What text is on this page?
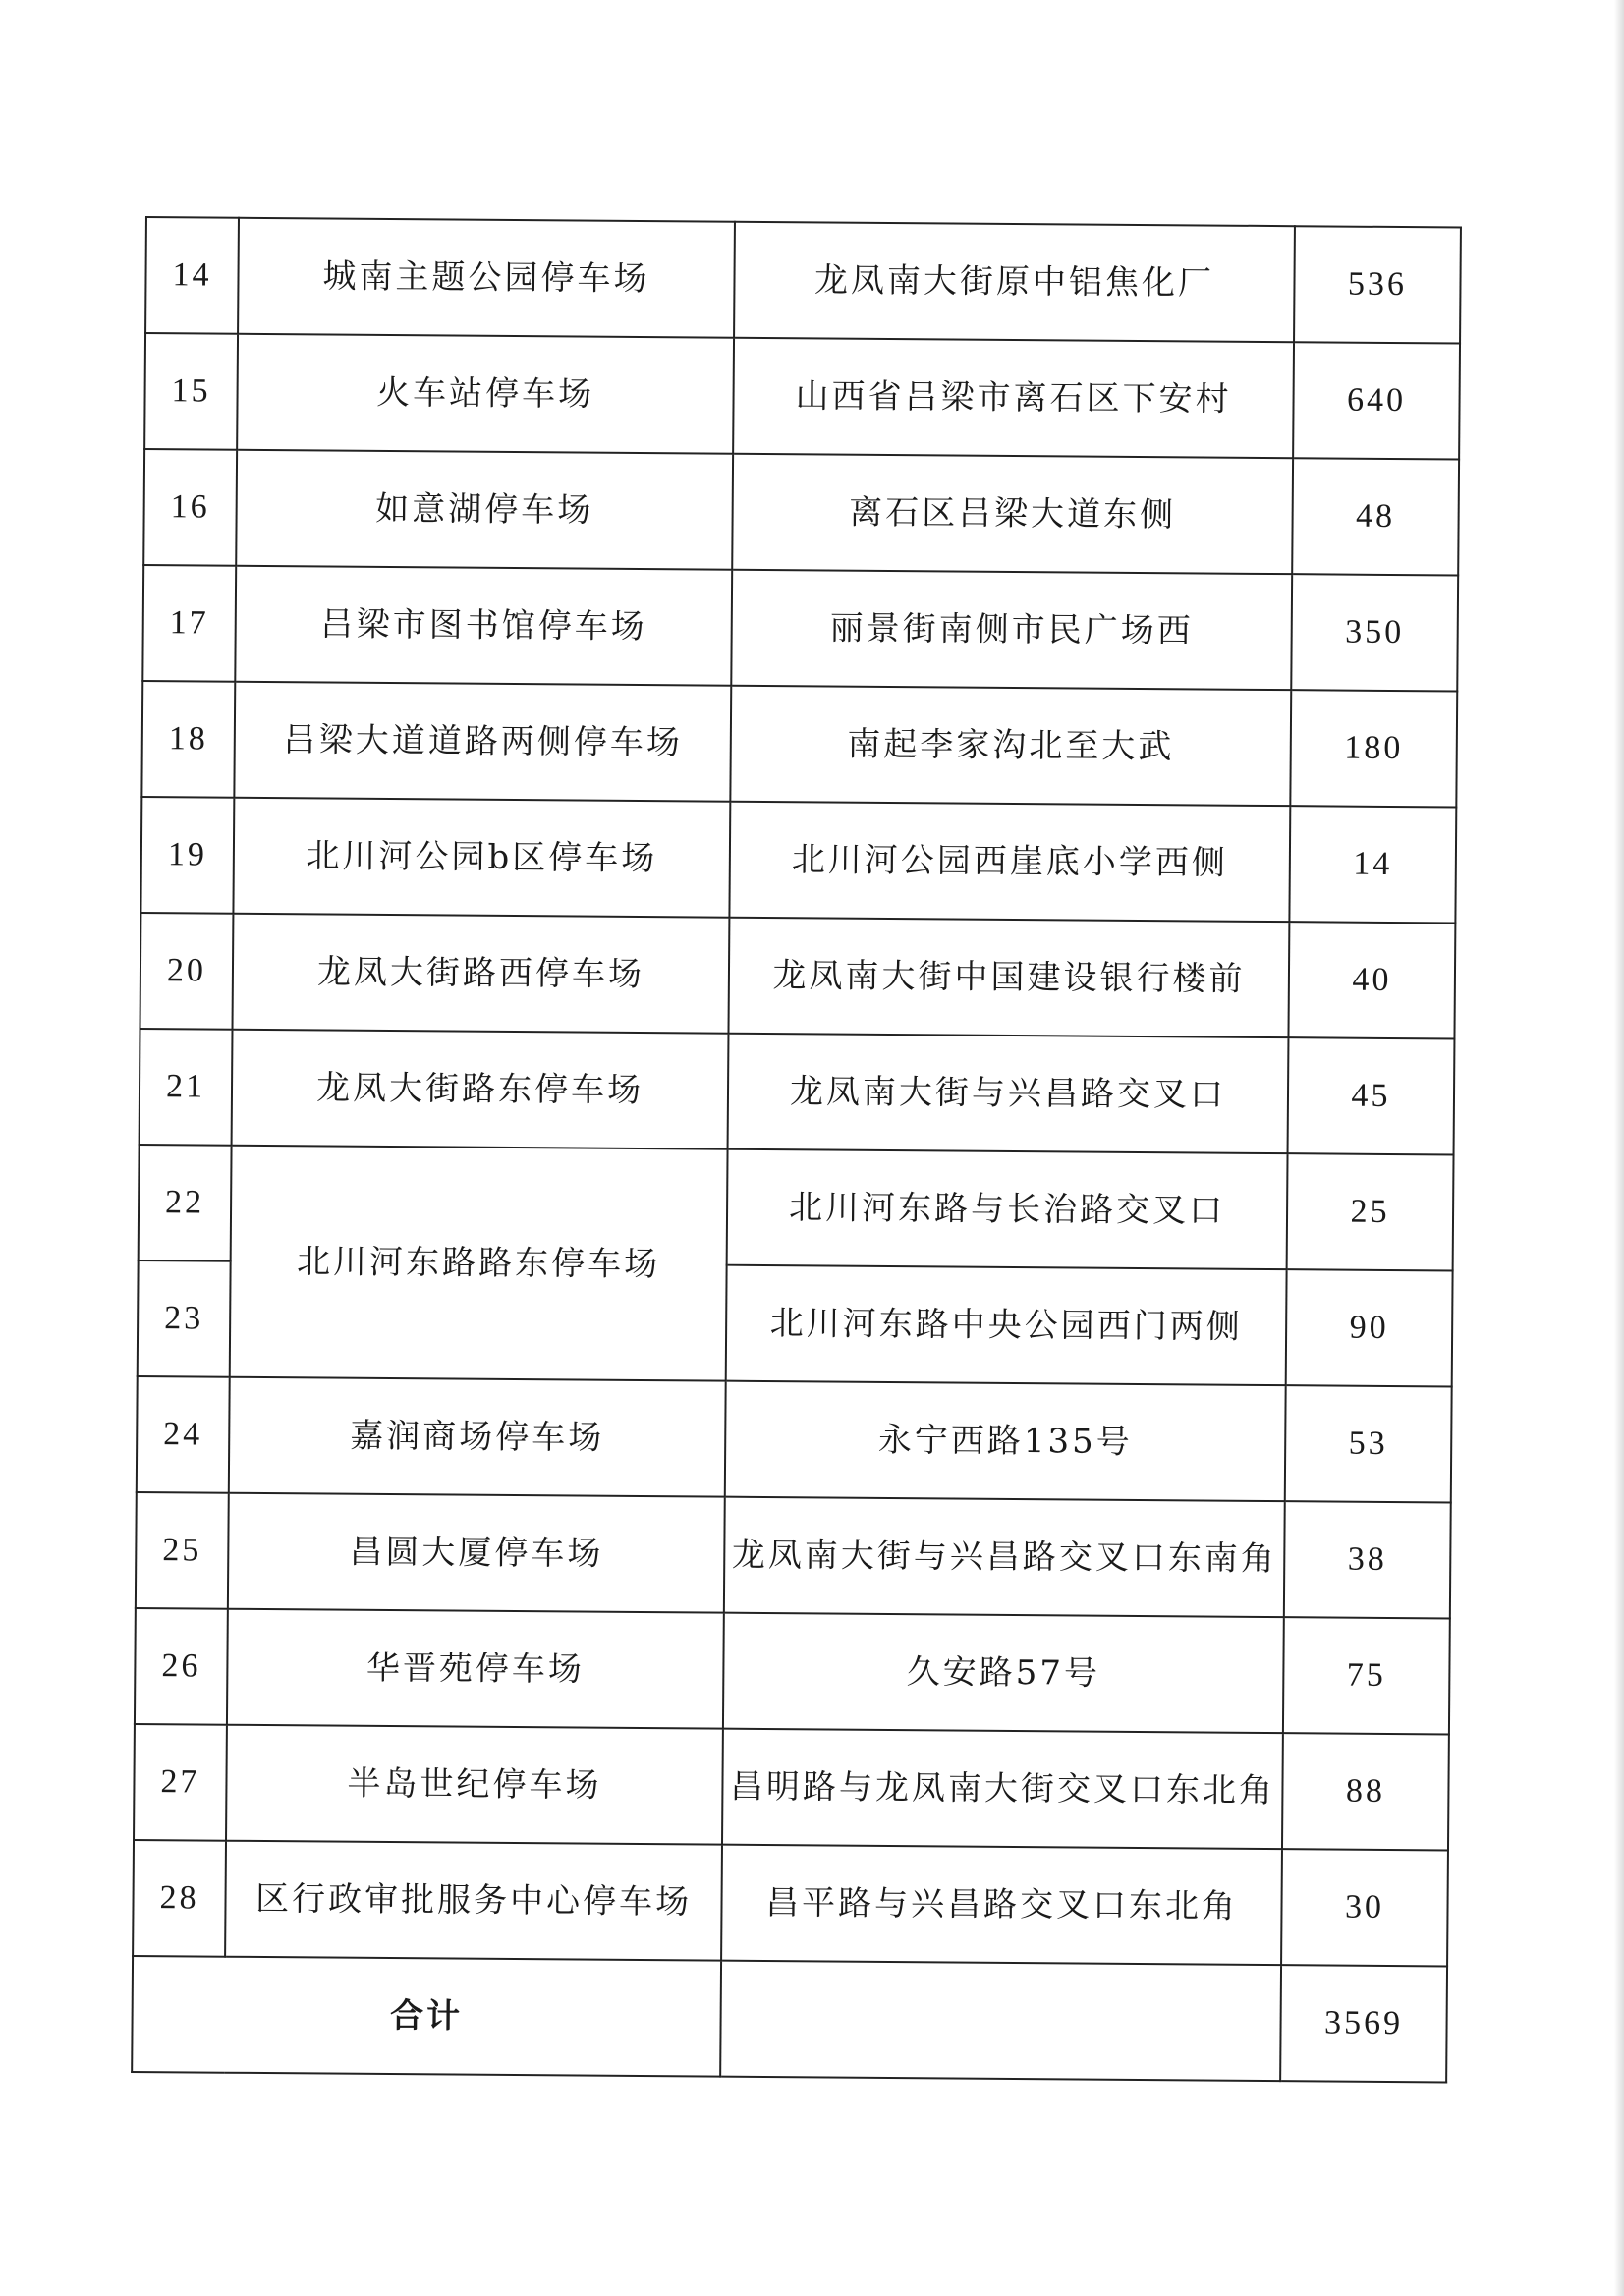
14	城南主题公园停车场	龙凤南大街原中铝焦化厂	536
15	火车站停车场	山西省吕梁市离石区下安村	640
16	如意湖停车场	离石区吕梁大道东侧	48
17	吕梁市图书馆停车场	丽景街南侧市民广场西	350
18	吕梁大道道路两侧停车场	南起李家沟北至大武	180
19	北川河公园b区停车场	北川河公园西崖底小学西侧	14
20	龙凤大街路西停车场	龙凤南大街中国建设银行楼前	40
21	龙凤大街路东停车场	龙凤南大街与兴昌路交叉口	45
22	北川河东路路东停车场	北川河东路与长治路交叉口	25
23		北川河东路中央公园西门两侧	90
24	嘉润商场停车场	永宁西路135号	53
25	昌圆大厦停车场	龙凤南大街与兴昌路交叉口东南角	38
26	华晋苑停车场	久安路57号	75
27	半岛世纪停车场	昌明路与龙凤南大街交叉口东北角	88
28	区行政审批服务中心停车场	昌平路与兴昌路交叉口东北角	30
合计			3569
